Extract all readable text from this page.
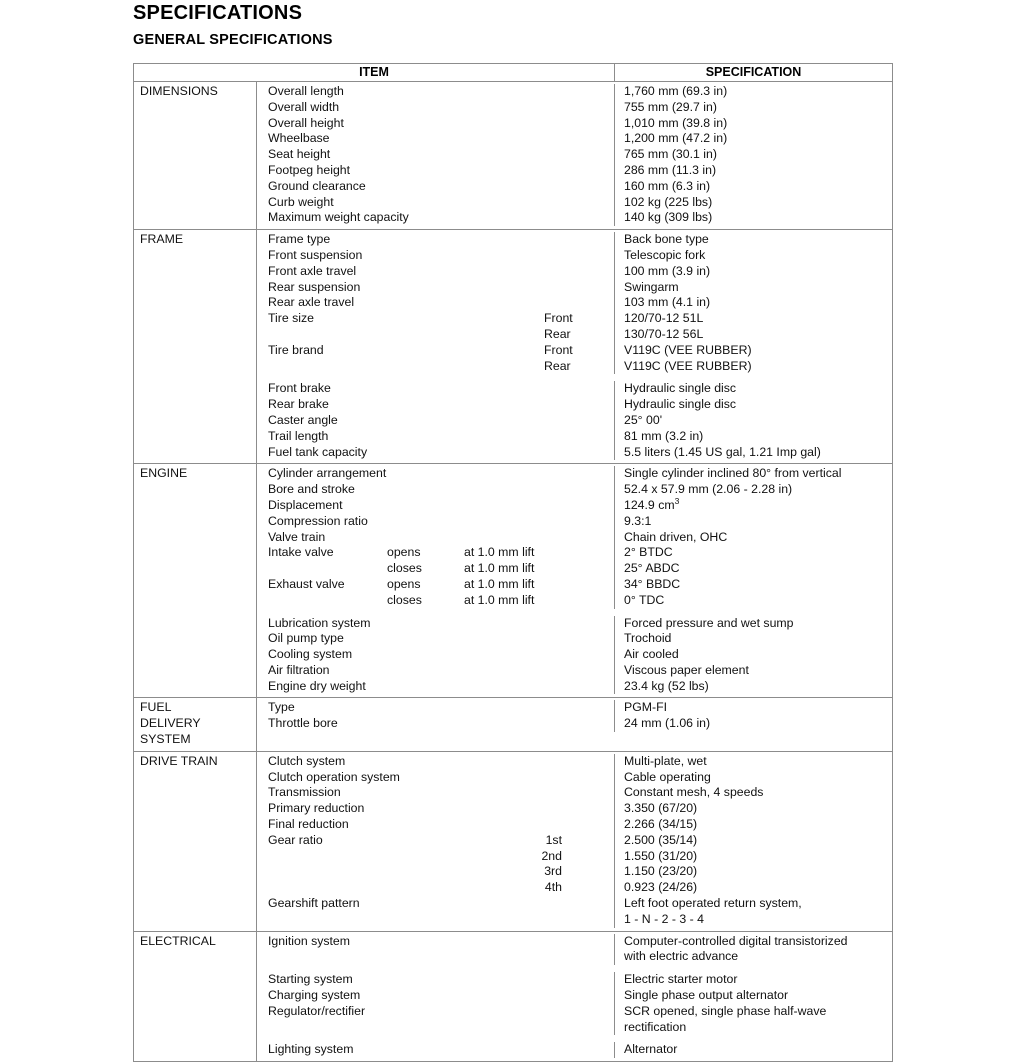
SPECIFICATIONS
GENERAL SPECIFICATIONS
ITEM	SPECIFICATION
DIMENSIONS	Overall length	1,760 mm (69.3 in)
Overall width	755 mm (29.7 in)
Overall height	1,010 mm (39.8 in)
Wheelbase	1,200 mm (47.2 in)
Seat height	765 mm (30.1 in)
Footpeg height	286 mm (11.3 in)
Ground clearance	160 mm (6.3 in)
Curb weight	102 kg (225 lbs)
Maximum weight capacity	140 kg (309 lbs)
FRAME	Frame type	Back bone type
Front suspension	Telescopic fork
Front axle travel	100 mm (3.9 in)
Rear suspension	Swingarm
Rear axle travel	103 mm (4.1 in)
Tire size	Front	120/70-12 51L
Rear	130/70-12 56L
Tire brand	Front	V119C (VEE RUBBER)
Rear	V119C (VEE RUBBER)
Front brake	Hydraulic single disc
Rear brake	Hydraulic single disc
Caster angle	25° 00'
Trail length	81 mm (3.2 in)
Fuel tank capacity	5.5 liters (1.45 US gal, 1.21 Imp gal)
ENGINE	Cylinder arrangement	Single cylinder inclined 80° from vertical
Bore and stroke	52.4 x 57.9 mm (2.06 - 2.28 in)
Displacement	124.9 $cm^3$
Compression ratio	9.3:1
Valve train	Chain driven, OHC
Intake valve	opens	at 1.0 mm lift	2° BTDC
closes	at 1.0 mm lift	25° ABDC
Exhaust valve	opens	at 1.0 mm lift	34° BBDC
closes	at 1.0 mm lift	0° TDC
Lubrication system	Forced pressure and wet sump
Oil pump type	Trochoid
Cooling system	Air cooled
Air filtration	Viscous paper element
Engine dry weight	23.4 kg (52 lbs)
FUEL
DELIVERY
SYSTEM
Type	PGM-FI
Throttle bore	24 mm (1.06 in)
DRIVE TRAIN	Clutch system	Multi-plate, wet
Clutch operation system	Cable operating
Transmission	Constant mesh, 4 speeds
Primary reduction	3.350 (67/20)
Final reduction	2.266 (34/15)
Gear ratio	1st	2.500 (35/14)
2nd	1.550 (31/20)
3rd	1.150 (23/20)
4th	0.923 (24/26)
Gearshift pattern	Left foot operated return system,
1 - N - 2 - 3 - 4
ELECTRICAL	Ignition system	Computer-controlled digital transistorized
with electric advance
Starting system	Electric starter motor
Charging system	Single phase output alternator
Regulator/rectifier	SCR opened, single phase half-wave
rectification
Lighting system	Alternator
